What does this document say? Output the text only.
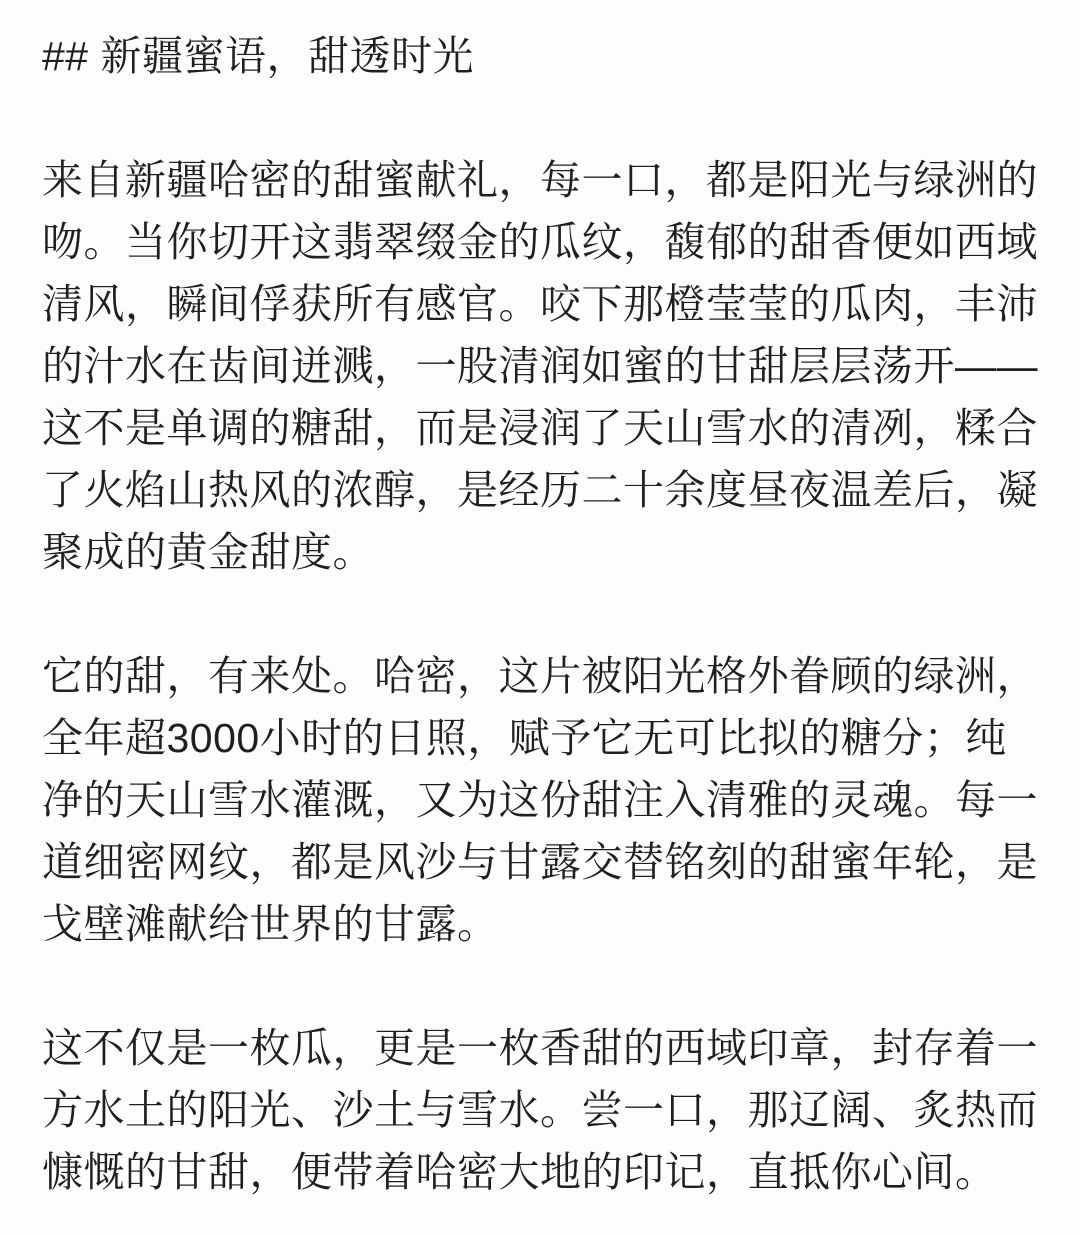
## 新疆蜜语，甜透时光
来自新疆哈密的甜蜜献礼，每一口，都是阳光与绿洲的
吻。当你切开这翡翠缀金的瓜纹，馥郁的甜香便如西域
清风，瞬间俘获所有感官。咬下那橙莹莹的瓜肉，丰沛
的汁水在齿间迸溅，一股清润如蜜的甘甜层层荡开——
这不是单调的糖甜，而是浸润了天山雪水的清冽，糅合
了火焰山热风的浓醇，是经历二十余度昼夜温差后，凝
聚成的黄金甜度。
它的甜，有来处。哈密，这片被阳光格外眷顾的绿洲，
全年超3000小时的日照，赋予它无可比拟的糖分；纯
净的天山雪水灌溉，又为这份甜注入清雅的灵魂。每一
道细密网纹，都是风沙与甘露交替铭刻的甜蜜年轮，是
戈壁滩献给世界的甘露。
这不仅是一枚瓜，更是一枚香甜的西域印章，封存着一
方水土的阳光、沙土与雪水。尝一口，那辽阔、炙热而
慷慨的甘甜，便带着哈密大地的印记，直抵你心间。
